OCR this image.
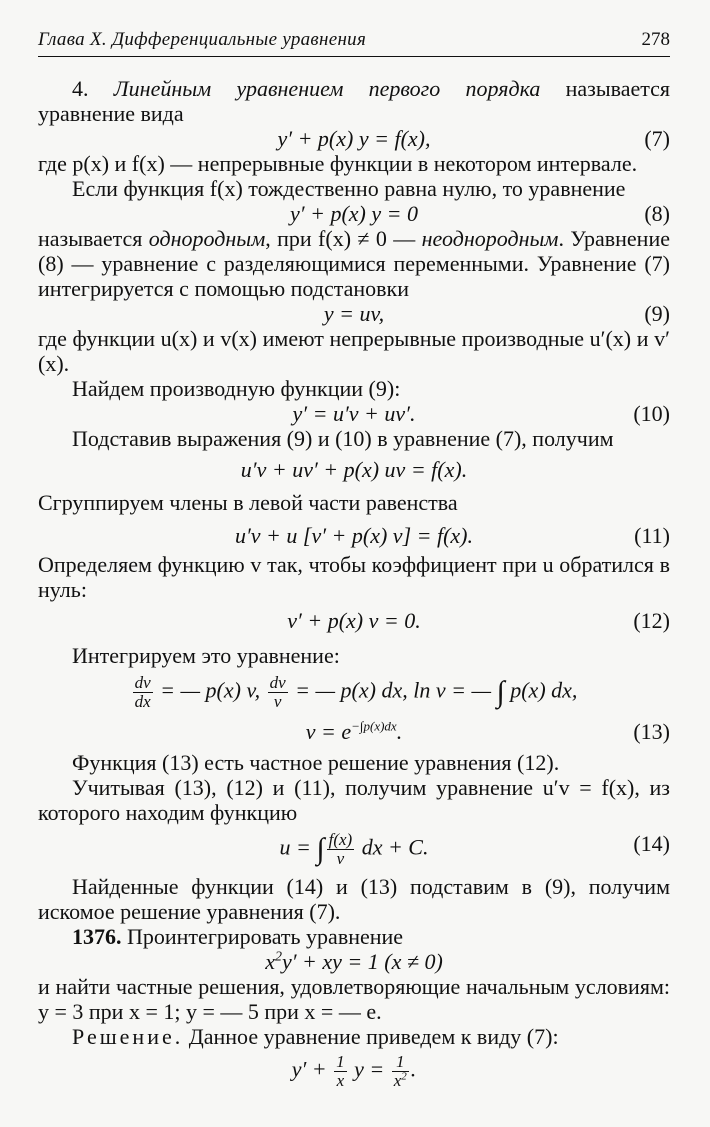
Глава X. Дифференциальные уравнения	278

4. Линейным уравнением первого порядка называется уравнение вида

y′ + p(x) y = f(x),	(7)

где p(x) и f(x) — непрерывные функции в некотором интервале.

Если функция f(x) тождественно равна нулю, то уравнение

y′ + p(x) y = 0	(8)

называется однородным, при f(x) ≠ 0 — неоднородным. Уравнение (8) — уравнение с разделяющимися переменными. Уравнение (7) интегрируется с помощью подстановки

y = uv,	(9)

где функции u(x) и v(x) имеют непрерывные производные u′(x) и v′(x).

Найдем производную функции (9):

y′ = u′v + uv′.	(10)

Подставив выражения (9) и (10) в уравнение (7), получим

u′v + uv′ + p(x) uv = f(x).

Сгруппируем члены в левой части равенства

u′v + u [v′ + p(x) v] = f(x).	(11)

Определяем функцию v так, чтобы коэффициент при u обратился в нуль:

v′ + p(x) v = 0.	(12)

Интегрируем это уравнение:

$\frac{dv}{dx}$ = — p(x) v, $\frac{dv}{v}$ = — p(x) dx, ln v = — ∫ p(x) dx,
$v = e^{-\int p(x)dx}$.	(13)

Функция (13) есть частное решение уравнения (12).

Учитывая (13), (12) и (11), получим уравнение u′v = f(x), из которого находим функцию

u = ∫ $\frac{f(x)}{v}$ dx + C.	(14)

Найденные функции (14) и (13) подставим в (9), получим искомое решение уравнения (7).

1376. Проинтегрировать уравнение

$x^2y'$ + xy = 1 (x ≠ 0)

и найти частные решения, удовлетворяющие начальным условиям: y = 3 при x = 1; y = — 5 при x = — e.

Решение. Данное уравнение приведем к виду (7):

$y' + \frac{1}{x}$ $y = \frac{1}{x^2}$ .
